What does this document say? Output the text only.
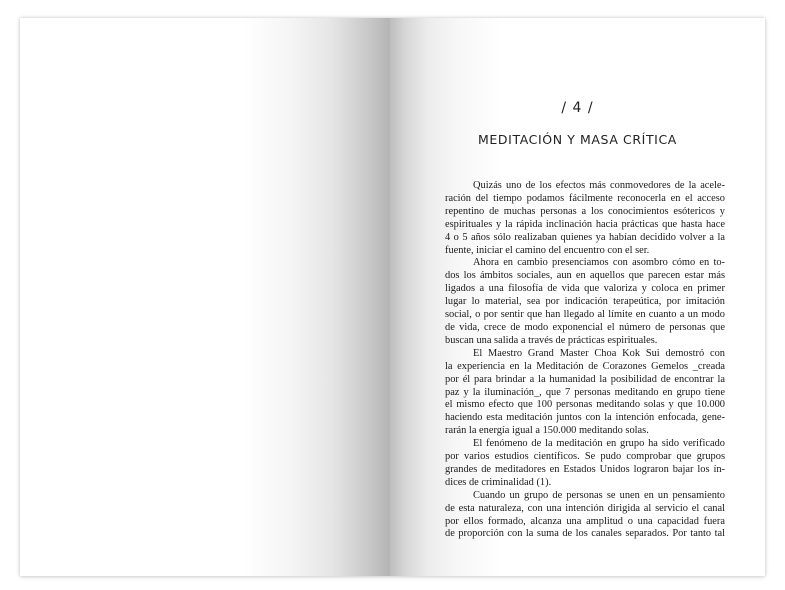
/ 4 /
MEDITACIÓN Y MASA CRÍTICA
Quizás uno de los efectos más conmovedores de la acele-
ración del tiempo podamos fácilmente reconocerla en el acceso
repentino de muchas personas a los conocimientos esótericos y
espirituales y la rápida inclinación hacia prácticas que hasta hace
4 o 5 años sólo realizaban quienes ya habían decidido volver a la
fuente, iniciar el camino del encuentro con el ser.
Ahora en cambio presenciamos con asombro cómo en to-
dos los ámbitos sociales, aun en aquellos que parecen estar más
ligados a una filosofía de vida que valoriza y coloca en primer
lugar lo material, sea por indicación terapeútica, por imitación
social, o por sentir que han llegado al límite en cuanto a un modo
de vida, crece de modo exponencial el número de personas que
buscan una salida a través de prácticas espirituales.
El Maestro Grand Master Choa Kok Sui demostró con
la experiencia en la Meditación de Corazones Gemelos _creada
por él para brindar a la humanidad la posibilidad de encontrar la
paz y la iluminación_, que 7 personas meditando en grupo tiene
el mismo efecto que 100 personas meditando solas y que 10.000
haciendo esta meditación juntos con la intención enfocada, gene-
rarán la energía igual a 150.000 meditando solas.
El fenómeno de la meditación en grupo ha sido verificado
por varios estudios científicos. Se pudo comprobar que grupos
grandes de meditadores en Estados Unidos lograron bajar los ín-
dices de criminalidad (1).
Cuando un grupo de personas se unen en un pensamiento
de esta naturaleza, con una intención dirigida al servicio el canal
por ellos formado, alcanza una amplitud o una capacidad fuera
de proporción con la suma de los canales separados. Por tanto tal
